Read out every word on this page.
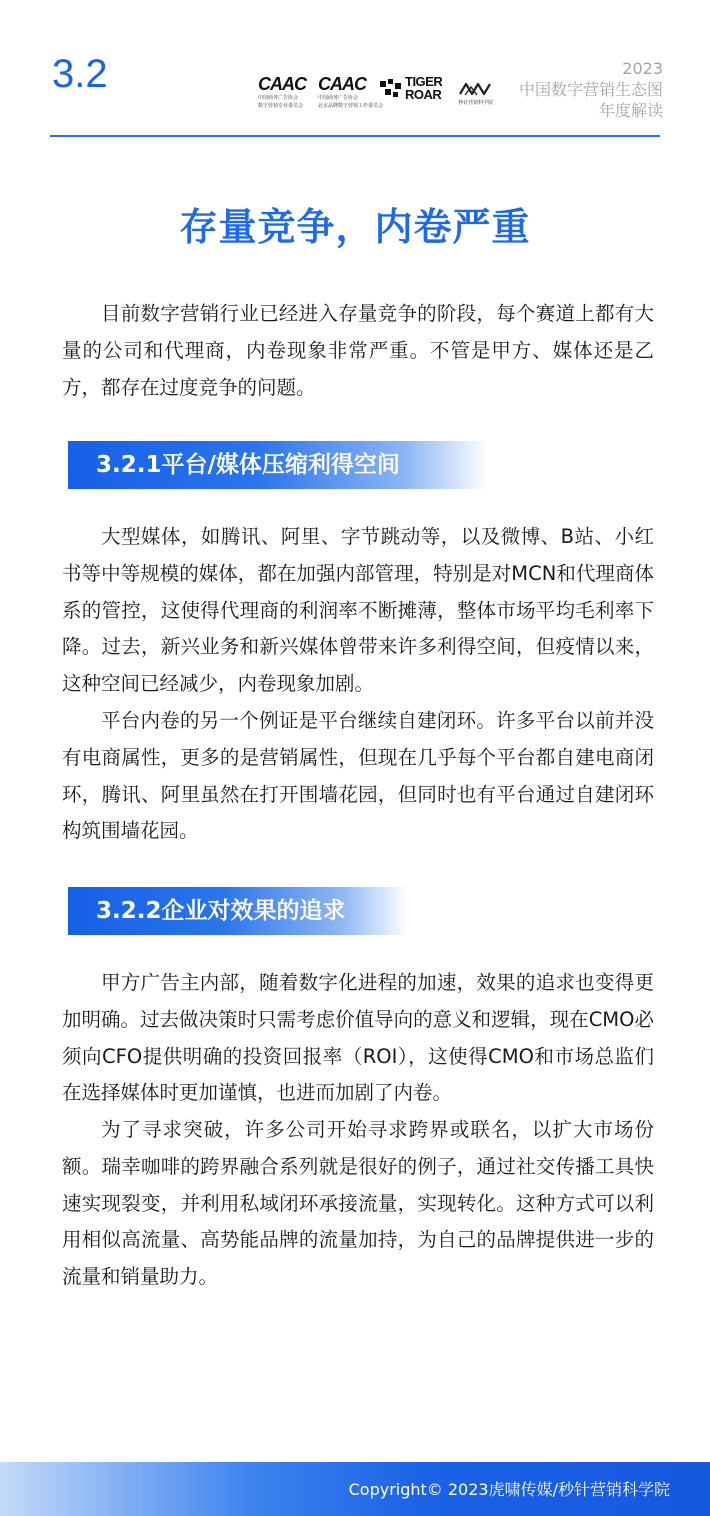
3.2	CAAC
中国商务广告协会
数字营销专业委员会
CAAC
中国商务广告协会
北京品牌数字营销工作委员会
TIGER
ROAR
秒针营销科学院
2023
中国数字营销生态图
年度解读
存量竞争，内卷严重

目前数字营销行业已经进入存量竞争的阶段，每个赛道上都有大量的公司和代理商，内卷现象非常严重。不管是甲方、媒体还是乙方，都存在过度竞争的问题。

3.2.1平台/媒体压缩利得空间

大型媒体，如腾讯、阿里、字节跳动等，以及微博、B站、小红书等中等规模的媒体，都在加强内部管理，特别是对MCN和代理商体系的管控，这使得代理商的利润率不断摊薄，整体市场平均毛利率下降。过去，新兴业务和新兴媒体曾带来许多利得空间，但疫情以来，这种空间已经减少，内卷现象加剧。

平台内卷的另一个例证是平台继续自建闭环。许多平台以前并没有电商属性，更多的是营销属性，但现在几乎每个平台都自建电商闭环，腾讯、阿里虽然在打开围墙花园，但同时也有平台通过自建闭环构筑围墙花园。

3.2.2企业对效果的追求

甲方广告主内部，随着数字化进程的加速，效果的追求也变得更加明确。过去做决策时只需考虑价值导向的意义和逻辑，现在CMO必须向CFO提供明确的投资回报率（ROI），这使得CMO和市场总监们在选择媒体时更加谨慎，也进而加剧了内卷。

为了寻求突破，许多公司开始寻求跨界或联名，以扩大市场份额。瑞幸咖啡的跨界融合系列就是很好的例子，通过社交传播工具快速实现裂变，并利用私域闭环承接流量，实现转化。这种方式可以利用相似高流量、高势能品牌的流量加持，为自己的品牌提供进一步的流量和销量助力。

Copyright© 2023虎啸传媒/秒针营销科学院
